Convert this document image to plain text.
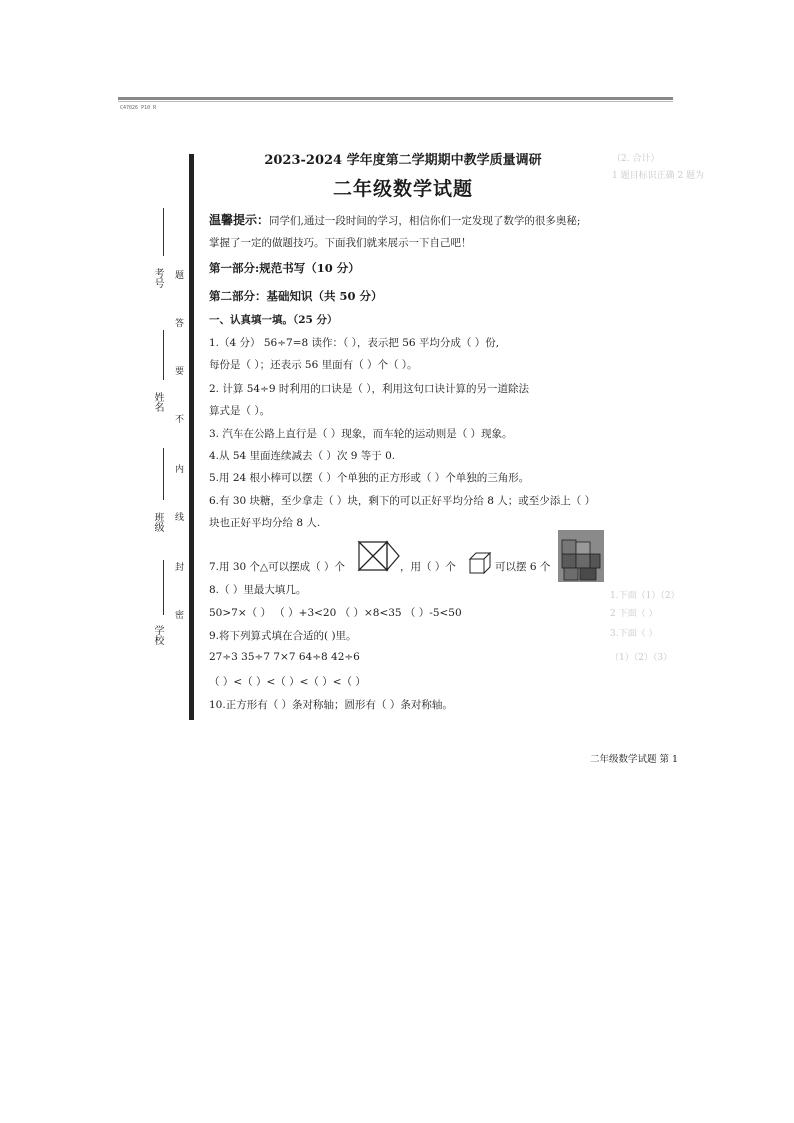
C47026 P10 R
（2. 合计）
1 题目标识正确 2 题为
1.下面（1）（2）
2 下面（ ）
3.下面（ ）
（1）（2）（3）
考号
姓名
班级
学校
题
答
要
不
内
线
封
密
2023-2024 学年度第二学期期中教学质量调研
二年级数学试题
温馨提示：同学们,通过一段时间的学习，相信你们一定发现了数学的很多奥秘;
掌握了一定的做题技巧。下面我们就来展示一下自己吧！
第一部分:规范书写（10 分）
第二部分：基础知识（共 50 分）
一、认真填一填。（25 分）
1.（4 分） 56÷7=8 读作：（ ），表示把 56 平均分成（ ）份,
每份是（ ）；还表示 56 里面有（ ）个（ ）。
2. 计算 54÷9 时利用的口诀是（ ），利用这句口诀计算的另一道除法
算式是（ ）。
3. 汽车在公路上直行是（ ）现象，而车轮的运动则是（ ）现象。
4.从 54 里面连续减去（ ）次 9 等于 0.
5.用 24 根小棒可以摆（ ）个单独的正方形或（ ）个单独的三角形。
6.有 30 块糖，至少拿走（ ）块，剩下的可以正好平均分给 8 人；或至少添上（ ）
块也正好平均分给 8 人.
7.用 30 个△可以摆成（ ）个	，用（ ）个	可以摆 6 个
8.（ ）里最大填几。
50>7×（ ） （ ）+3<20 （ ）×8<35 （ ）-5<50
9.将下列算式填在合适的( )里。
27÷3 35÷7 7×7 64÷8 42÷6
（ ）<（ ）<（ ）<（ ）<（ ）
10.正方形有（ ）条对称轴；圆形有（ ）条对称轴。
二年级数学试题 第 1
